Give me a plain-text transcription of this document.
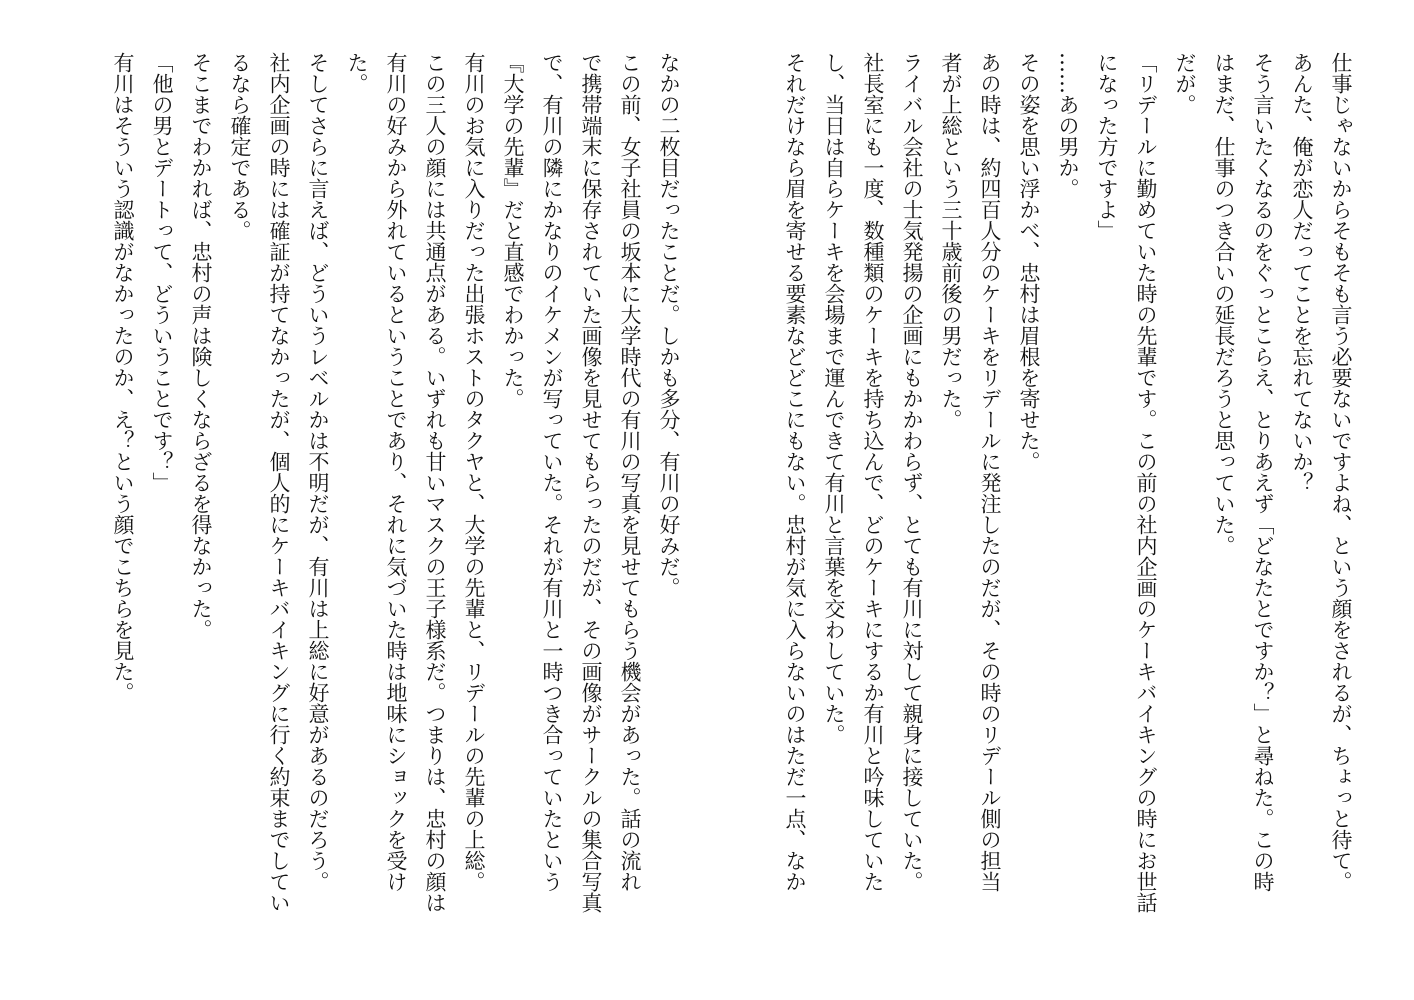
仕事じゃないからそもそも言う必要ないですよね、という顔をされるが、ちょっと待て。

あんた、俺が恋人だってことを忘れてないか？

そう言いたくなるのをぐっとこらえ、とりあえず「どなたとですか？」と尋ねた。この時

はまだ、仕事のつき合いの延長だろうと思っていた。

だが。

「リデールに勤めていた時の先輩です。この前の社内企画のケーキバイキングの時にお世話

になった方ですよ」

……あの男か。

その姿を思い浮かべ、忠村は眉根を寄せた。

あの時は、約四百人分のケーキをリデールに発注したのだが、その時のリデール側の担当

者が上総という三十歳前後の男だった。

ライバル会社の士気発揚の企画にもかかわらず、とても有川に対して親身に接していた。

社長室にも一度、数種類のケーキを持ち込んで、どのケーキにするか有川と吟味していた

し、当日は自らケーキを会場まで運んできて有川と言葉を交わしていた。

それだけなら眉を寄せる要素などどこにもない。忠村が気に入らないのはただ一点、なか

なかの二枚目だったことだ。しかも多分、有川の好みだ。

この前、女子社員の坂本に大学時代の有川の写真を見せてもらう機会があった。話の流れ

で携帯端末に保存されていた画像を見せてもらったのだが、その画像がサークルの集合写真

で、有川の隣にかなりのイケメンが写っていた。それが有川と一時つき合っていたという

『大学の先輩』だと直感でわかった。

有川のお気に入りだった出張ホストのタクヤと、大学の先輩と、リデールの先輩の上総。

この三人の顔には共通点がある。いずれも甘いマスクの王子様系だ。つまりは、忠村の顔は

有川の好みから外れているということであり、それに気づいた時は地味にショックを受け

た。

そしてさらに言えば、どういうレベルかは不明だが、有川は上総に好意があるのだろう。

社内企画の時には確証が持てなかったが、個人的にケーキバイキングに行く約束までしてい

るなら確定である。

そこまでわかれば、忠村の声は険しくならざるを得なかった。

「他の男とデートって、どういうことです？」

有川はそういう認識がなかったのか、え？という顔でこちらを見た。
